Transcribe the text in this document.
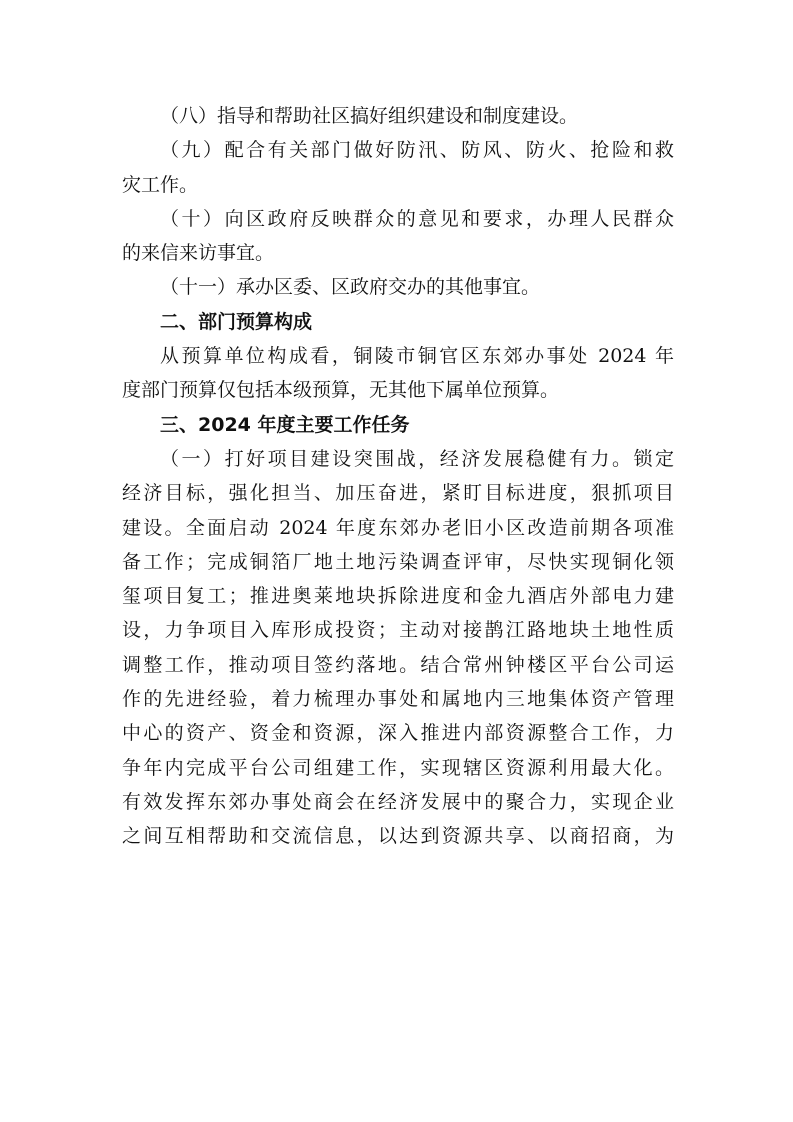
（八）指导和帮助社区搞好组织建设和制度建设。
（九）配合有关部门做好防汛、防风、防火、抢险和救
灾工作。
（十）向区政府反映群众的意见和要求，办理人民群众
的来信来访事宜。
（十一）承办区委、区政府交办的其他事宜。
二、部门预算构成
从预算单位构成看，铜陵市铜官区东郊办事处 2024 年
度部门预算仅包括本级预算，无其他下属单位预算。
三、2024 年度主要工作任务
（一）打好项目建设突围战，经济发展稳健有力。锁定
经济目标，强化担当、加压奋进，紧盯目标进度，狠抓项目
建设。全面启动 2024 年度东郊办老旧小区改造前期各项准
备工作；完成铜箔厂地土地污染调查评审，尽快实现铜化领
玺项目复工；推进奥莱地块拆除进度和金九酒店外部电力建
设，力争项目入库形成投资；主动对接鹊江路地块土地性质
调整工作，推动项目签约落地。结合常州钟楼区平台公司运
作的先进经验，着力梳理办事处和属地内三地集体资产管理
中心的资产、资金和资源，深入推进内部资源整合工作，力
争年内完成平台公司组建工作，实现辖区资源利用最大化。
有效发挥东郊办事处商会在经济发展中的聚合力，实现企业
之间互相帮助和交流信息，以达到资源共享、以商招商，为
